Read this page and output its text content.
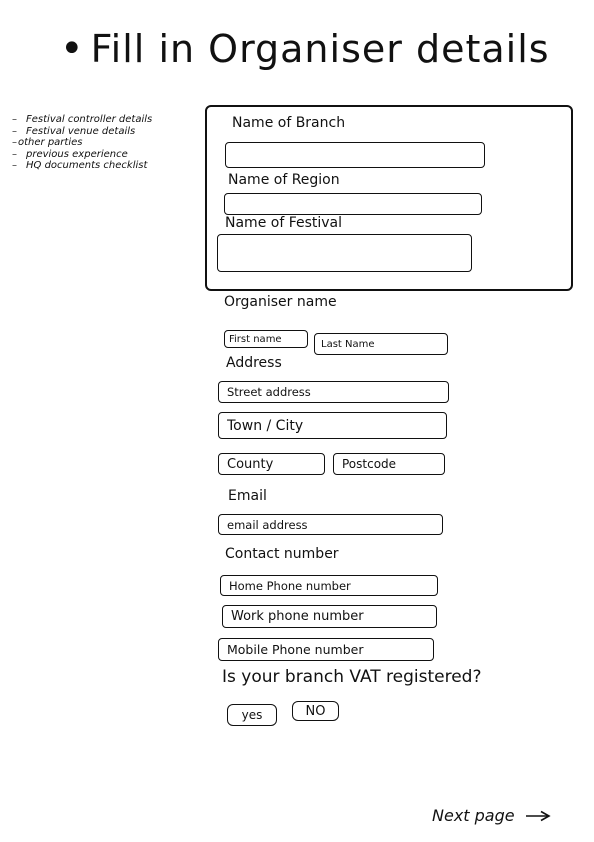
• Fill in Organiser details
– Festival controller details
– Festival venue details
–other parties
– previous experience
– HQ documents checklist
Name of Branch
Name of Region
Name of Festival
Organiser name
First name
Last Name
Address
Street address
Town / City
County
Postcode
Email
email address
Contact number
Home Phone number
Work phone number
Mobile Phone number
Is your branch VAT registered?
yes	NO
Next page
